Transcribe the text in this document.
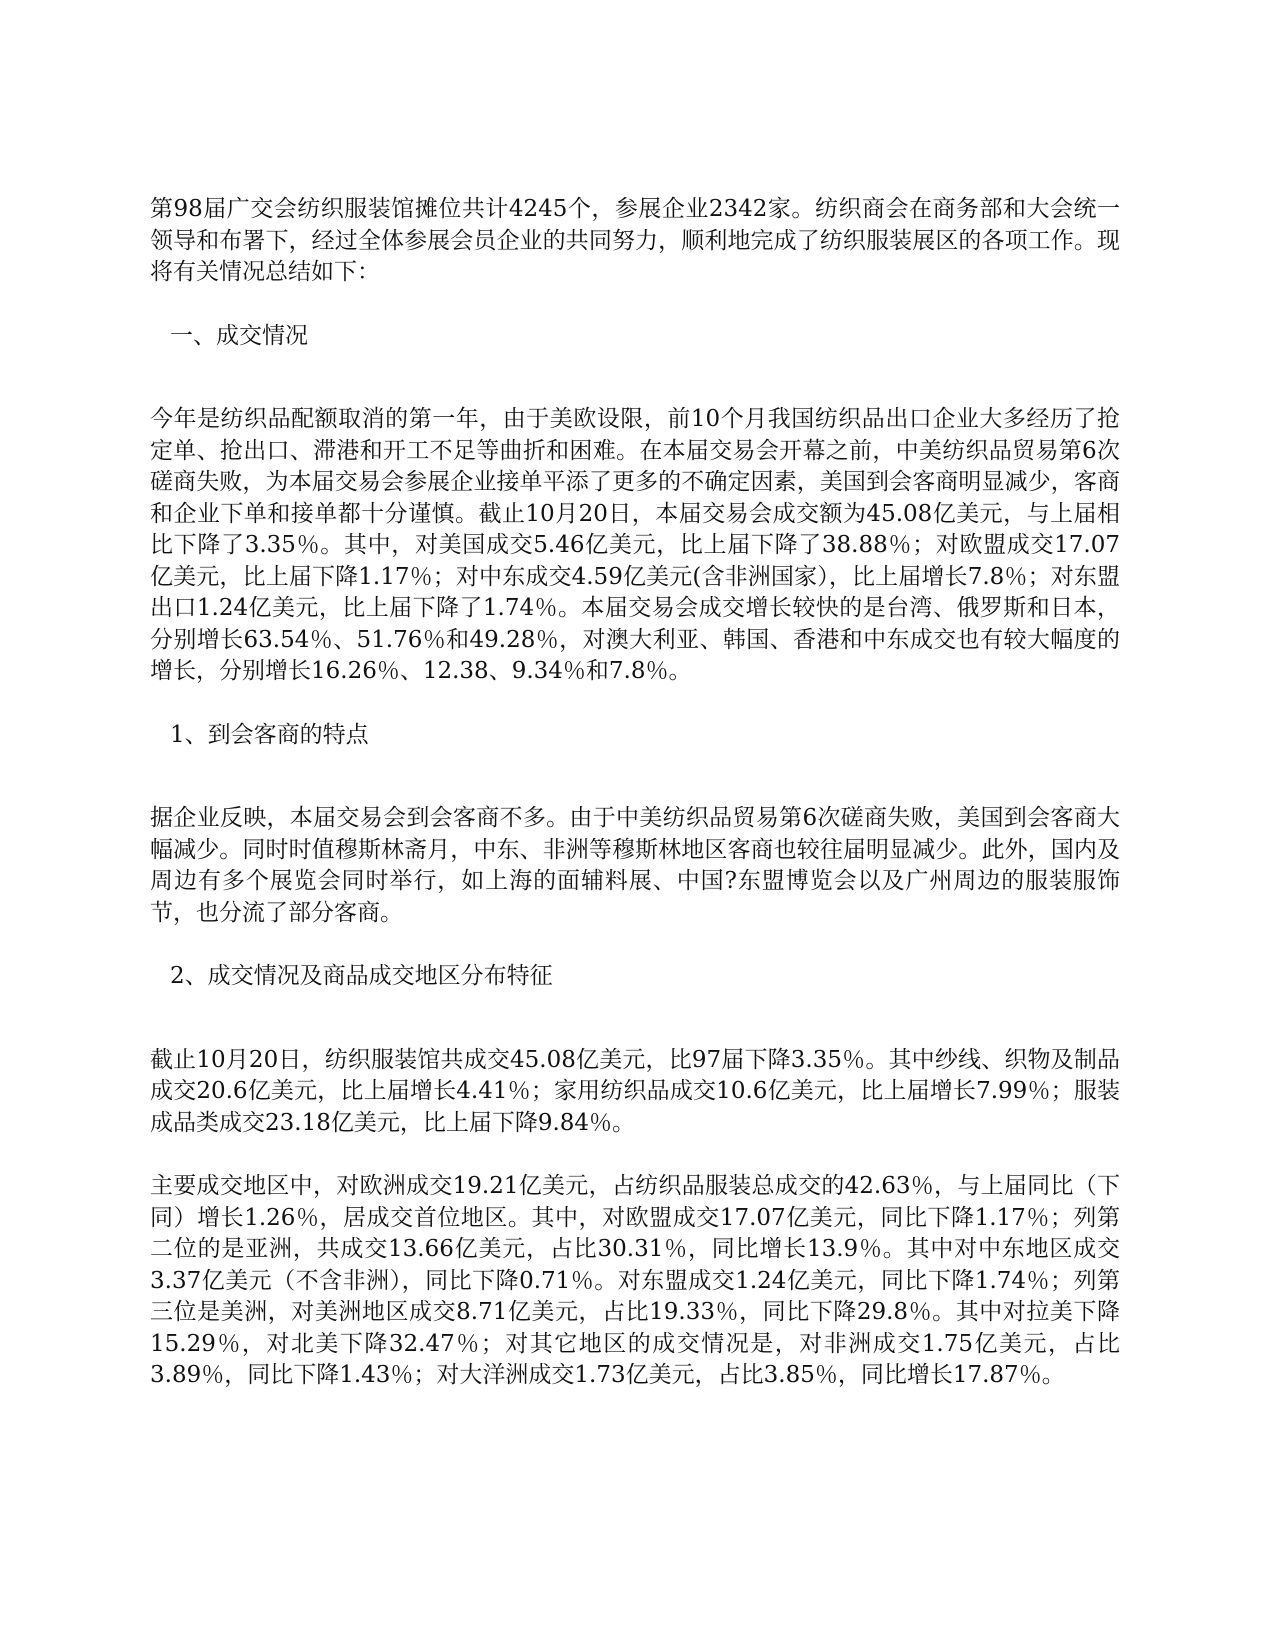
第98届广交会纺织服装馆摊位共计4245个，参展企业2342家。纺织商会在商务部和大会统一领导和布署下，经过全体参展会员企业的共同努力，顺利地完成了纺织服装展区的各项工作。现将有关情况总结如下：

一、成交情况

今年是纺织品配额取消的第一年，由于美欧设限，前10个月我国纺织品出口企业大多经历了抢定单、抢出口、滞港和开工不足等曲折和困难。在本届交易会开幕之前，中美纺织品贸易第6次磋商失败，为本届交易会参展企业接单平添了更多的不确定因素，美国到会客商明显减少，客商和企业下单和接单都十分谨慎。截止10月20日，本届交易会成交额为45.08亿美元，与上届相比下降了3.35％。其中，对美国成交5.46亿美元，比上届下降了38.88％；对欧盟成交17.07亿美元，比上届下降1.17％；对中东成交4.59亿美元(含非洲国家），比上届增长7.8％；对东盟出口1.24亿美元，比上届下降了1.74％。本届交易会成交增长较快的是台湾、俄罗斯和日本，分别增长63.54％、51.76％和49.28％，对澳大利亚、韩国、香港和中东成交也有较大幅度的增长，分别增长16.26％、12.38、9.34％和7.8％。

1、到会客商的特点

据企业反映，本届交易会到会客商不多。由于中美纺织品贸易第6次磋商失败，美国到会客商大幅减少。同时时值穆斯林斋月，中东、非洲等穆斯林地区客商也较往届明显减少。此外，国内及周边有多个展览会同时举行，如上海的面辅料展、中国?东盟博览会以及广州周边的服装服饰节，也分流了部分客商。

2、成交情况及商品成交地区分布特征

截止10月20日，纺织服装馆共成交45.08亿美元，比97届下降3.35％。其中纱线、织物及制品成交20.6亿美元，比上届增长4.41％；家用纺织品成交10.6亿美元，比上届增长7.99％；服装成品类成交23.18亿美元，比上届下降9.84％。

主要成交地区中，对欧洲成交19.21亿美元，占纺织品服装总成交的42.63％，与上届同比（下同）增长1.26％，居成交首位地区。其中，对欧盟成交17.07亿美元，同比下降1.17％；列第二位的是亚洲，共成交13.66亿美元，占比30.31％，同比增长13.9％。其中对中东地区成交3.37亿美元（不含非洲），同比下降0.71％。对东盟成交1.24亿美元，同比下降1.74％；列第三位是美洲，对美洲地区成交8.71亿美元，占比19.33％，同比下降29.8％。其中对拉美下降15.29％，对北美下降32.47％；对其它地区的成交情况是，对非洲成交1.75亿美元，占比3.89％，同比下降1.43％；对大洋洲成交1.73亿美元，占比3.85％，同比增长17.87％。
